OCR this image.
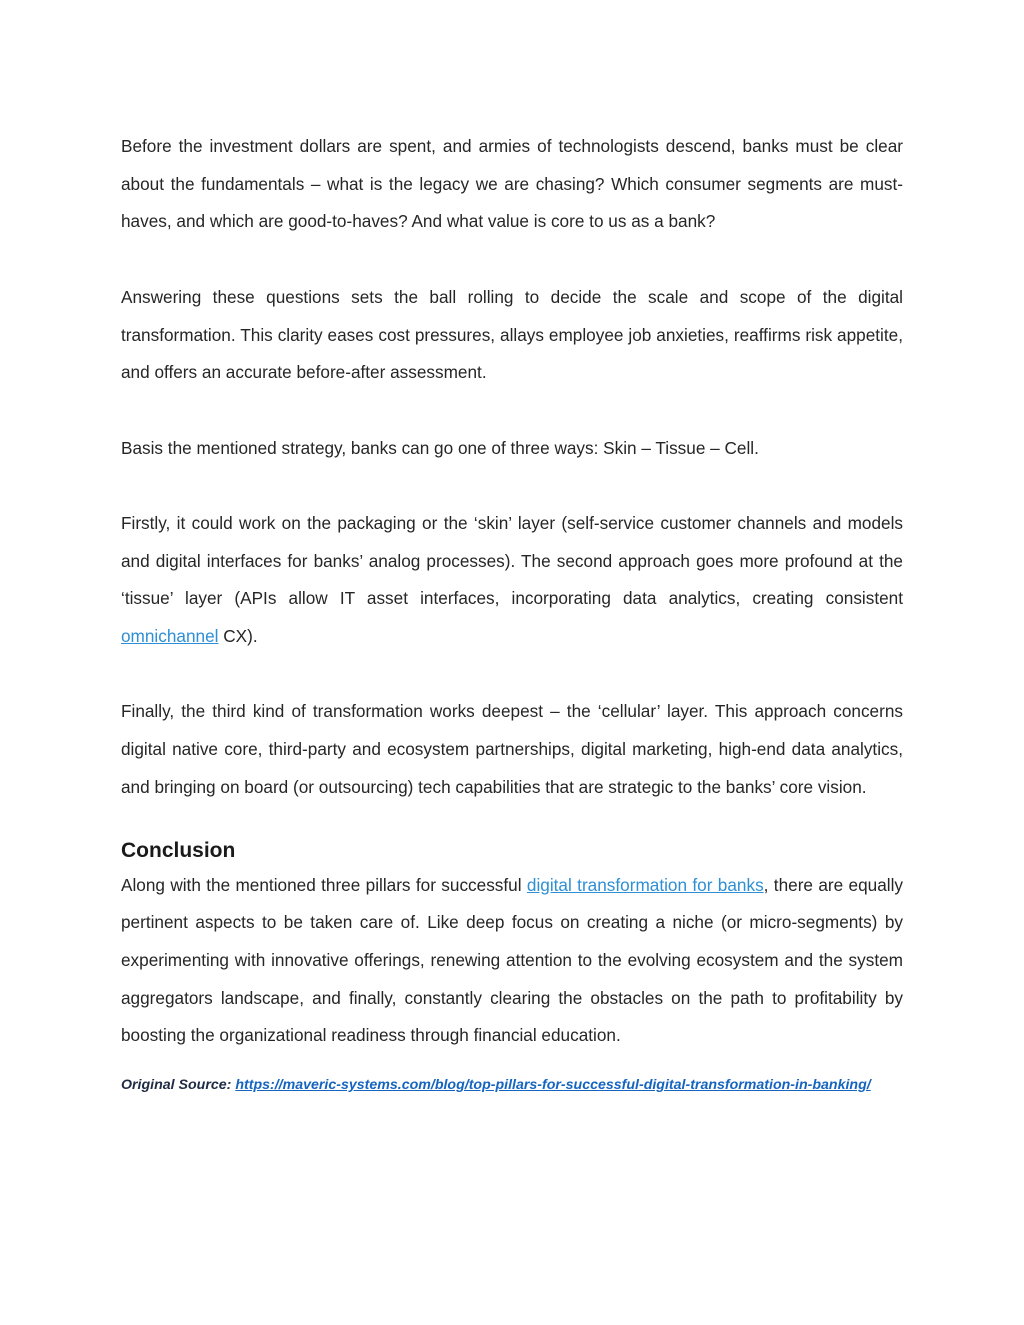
Before the investment dollars are spent, and armies of technologists descend, banks must be clear about the fundamentals – what is the legacy we are chasing? Which consumer segments are must-haves, and which are good-to-haves? And what value is core to us as a bank?

Answering these questions sets the ball rolling to decide the scale and scope of the digital transformation. This clarity eases cost pressures, allays employee job anxieties, reaffirms risk appetite, and offers an accurate before-after assessment.

Basis the mentioned strategy, banks can go one of three ways: Skin – Tissue – Cell.

Firstly, it could work on the packaging or the ‘skin’ layer (self-service customer channels and models and digital interfaces for banks’ analog processes). The second approach goes more profound at the ‘tissue’ layer (APIs allow IT asset interfaces, incorporating data analytics, creating consistent omnichannel CX).

Finally, the third kind of transformation works deepest – the ‘cellular’ layer. This approach concerns digital native core, third-party and ecosystem partnerships, digital marketing, high-end data analytics, and bringing on board (or outsourcing) tech capabilities that are strategic to the banks’ core vision.

Conclusion

Along with the mentioned three pillars for successful digital transformation for banks, there are equally pertinent aspects to be taken care of. Like deep focus on creating a niche (or micro-segments) by experimenting with innovative offerings, renewing attention to the evolving ecosystem and the system aggregators landscape, and finally, constantly clearing the obstacles on the path to profitability by boosting the organizational readiness through financial education.

Original Source: https://maveric-systems.com/blog/top-pillars-for-successful-digital-transformation-in-banking/
